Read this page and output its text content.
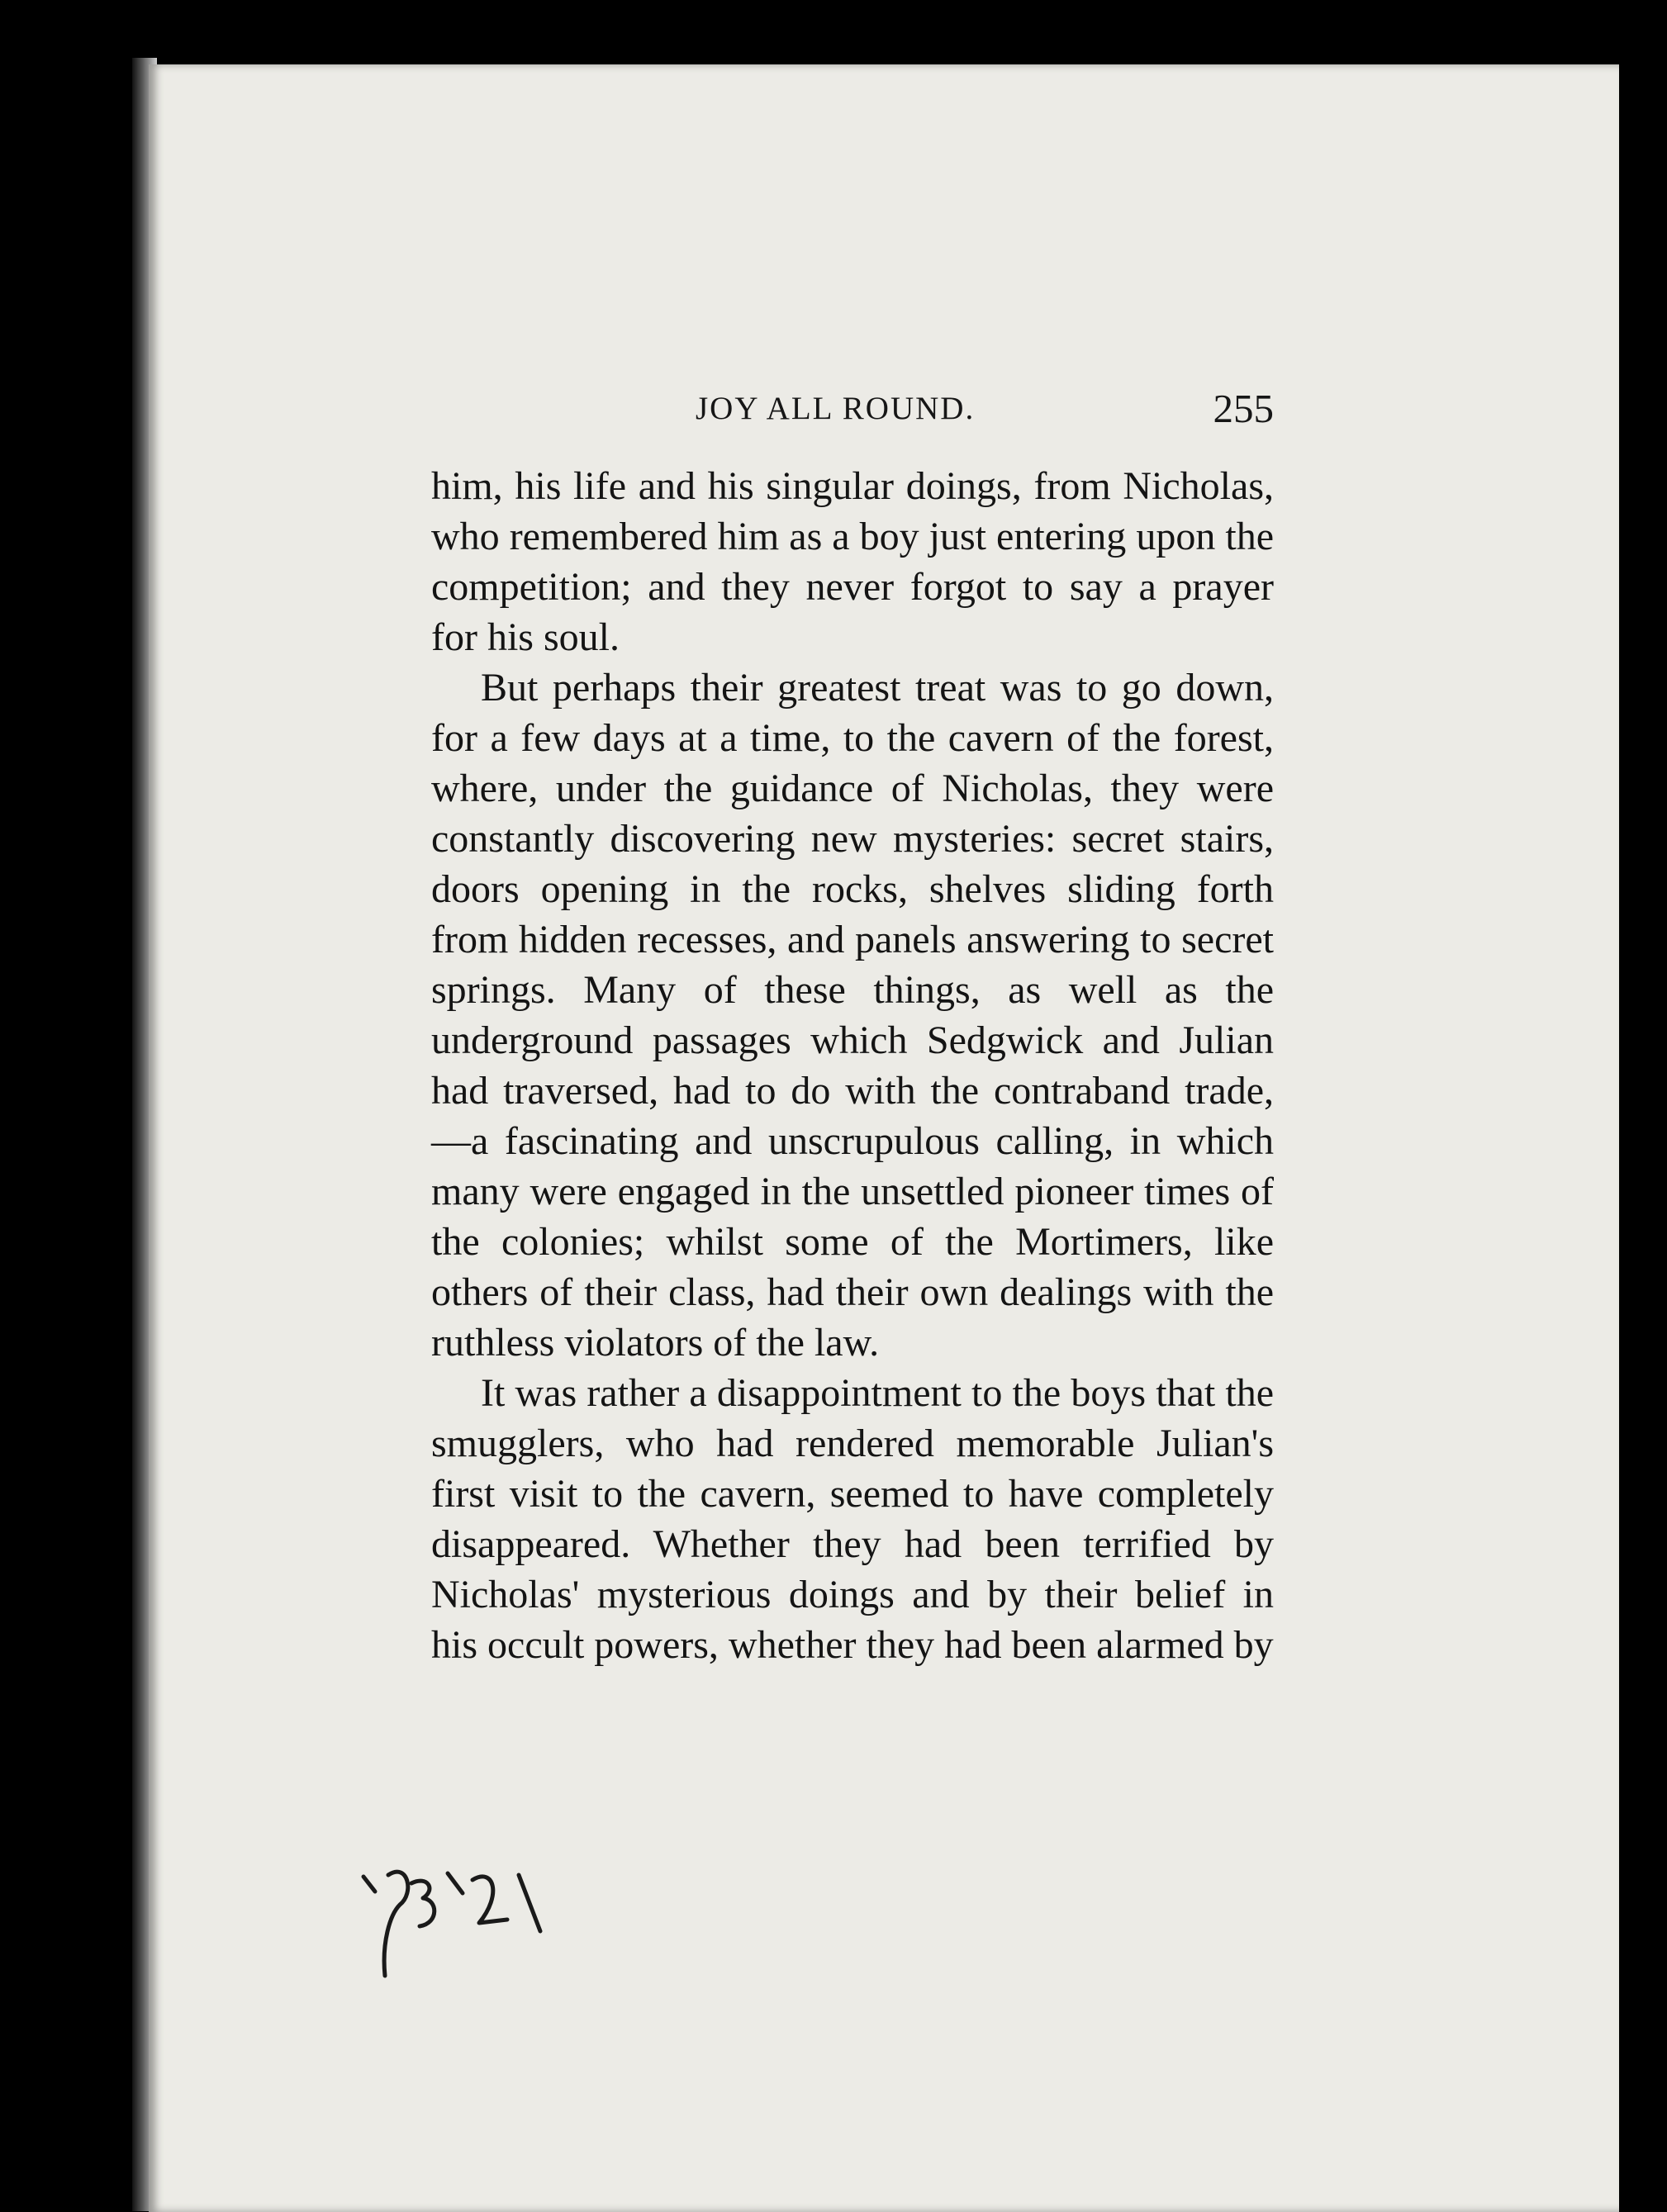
JOY ALL ROUND.	255

him, his life and his singular doings, from Nicholas, who remembered him as a boy just entering upon the competition; and they never forgot to say a prayer for his soul.

But perhaps their greatest treat was to go down, for a few days at a time, to the cavern of the forest, where, under the guidance of Nicholas, they were constantly discovering new mysteries: secret stairs, doors opening in the rocks, shelves sliding forth from hidden recesses, and panels answering to secret springs. Many of these things, as well as the underground passages which Sedgwick and Julian had traversed, had to do with the contraband trade,—a fascinating and unscrupulous calling, in which many were engaged in the unsettled pioneer times of the colonies; whilst some of the Mortimers, like others of their class, had their own dealings with the ruthless violators of the law.

It was rather a disappointment to the boys that the smugglers, who had rendered memorable Julian's first visit to the cavern, seemed to have completely disappeared. Whether they had been terrified by Nicholas' mysterious doings and by their belief in his occult powers, whether they had been alarmed by
